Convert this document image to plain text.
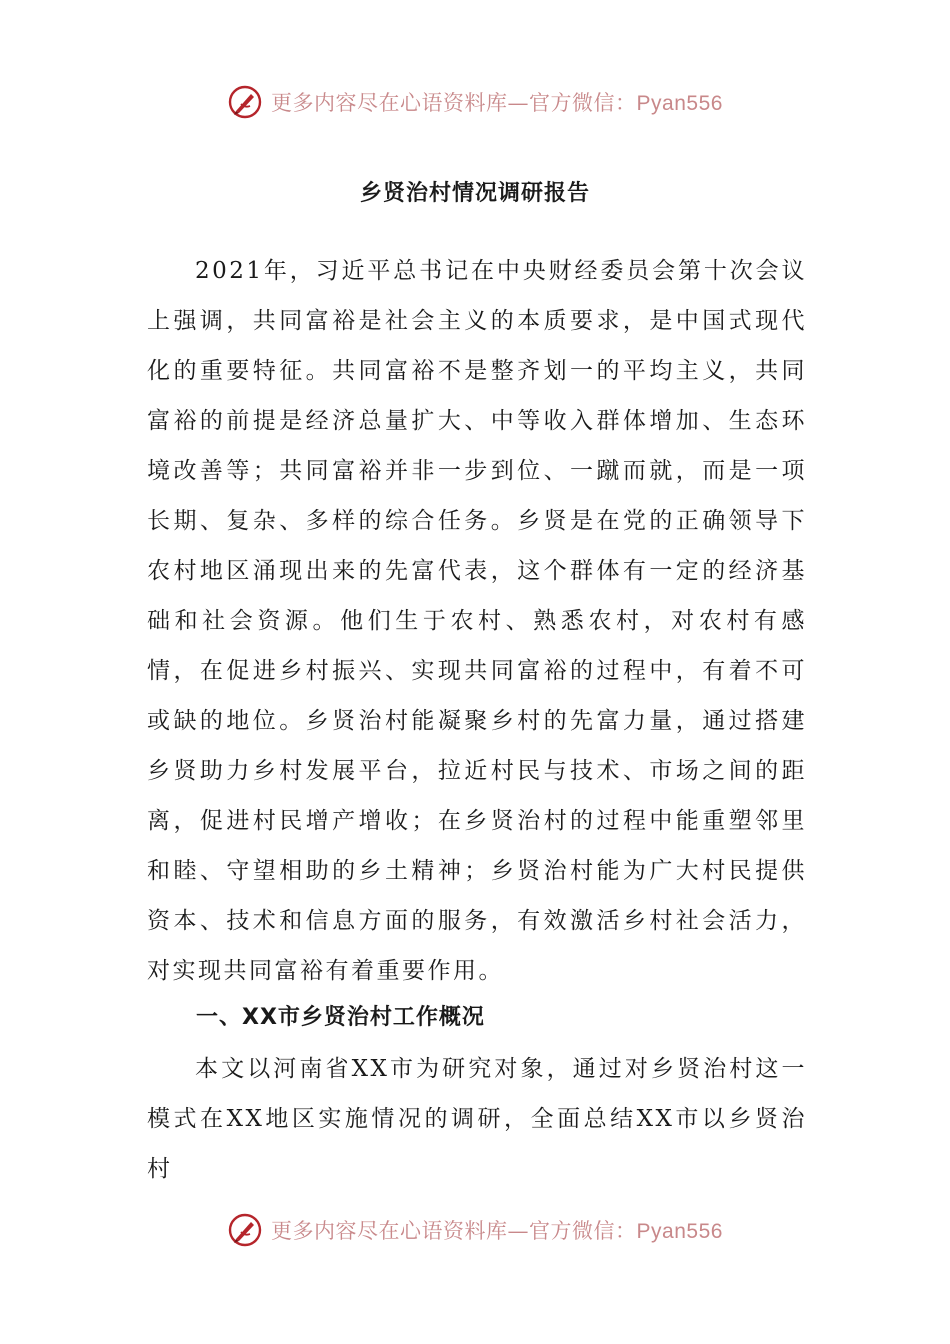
更多内容尽在心语资料库—官方微信：Pyan556
乡贤治村情况调研报告

2021年，习近平总书记在中央财经委员会第十次会议上强调，共同富裕是社会主义的本质要求，是中国式现代化的重要特征。共同富裕不是整齐划一的平均主义，共同富裕的前提是经济总量扩大、中等收入群体增加、生态环境改善等；共同富裕并非一步到位、一蹴而就，而是一项长期、复杂、多样的综合任务。乡贤是在党的正确领导下农村地区涌现出来的先富代表，这个群体有一定的经济基础和社会资源。他们生于农村、熟悉农村，对农村有感情，在促进乡村振兴、实现共同富裕的过程中，有着不可或缺的地位。乡贤治村能凝聚乡村的先富力量，通过搭建乡贤助力乡村发展平台，拉近村民与技术、市场之间的距离，促进村民增产增收；在乡贤治村的过程中能重塑邻里和睦、守望相助的乡土精神；乡贤治村能为广大村民提供资本、技术和信息方面的服务，有效激活乡村社会活力，对实现共同富裕有着重要作用。

一、XX市乡贤治村工作概况

本文以河南省XX市为研究对象，通过对乡贤治村这一模式在XX地区实施情况的调研，全面总结XX市以乡贤治村

更多内容尽在心语资料库—官方微信：Pyan556
